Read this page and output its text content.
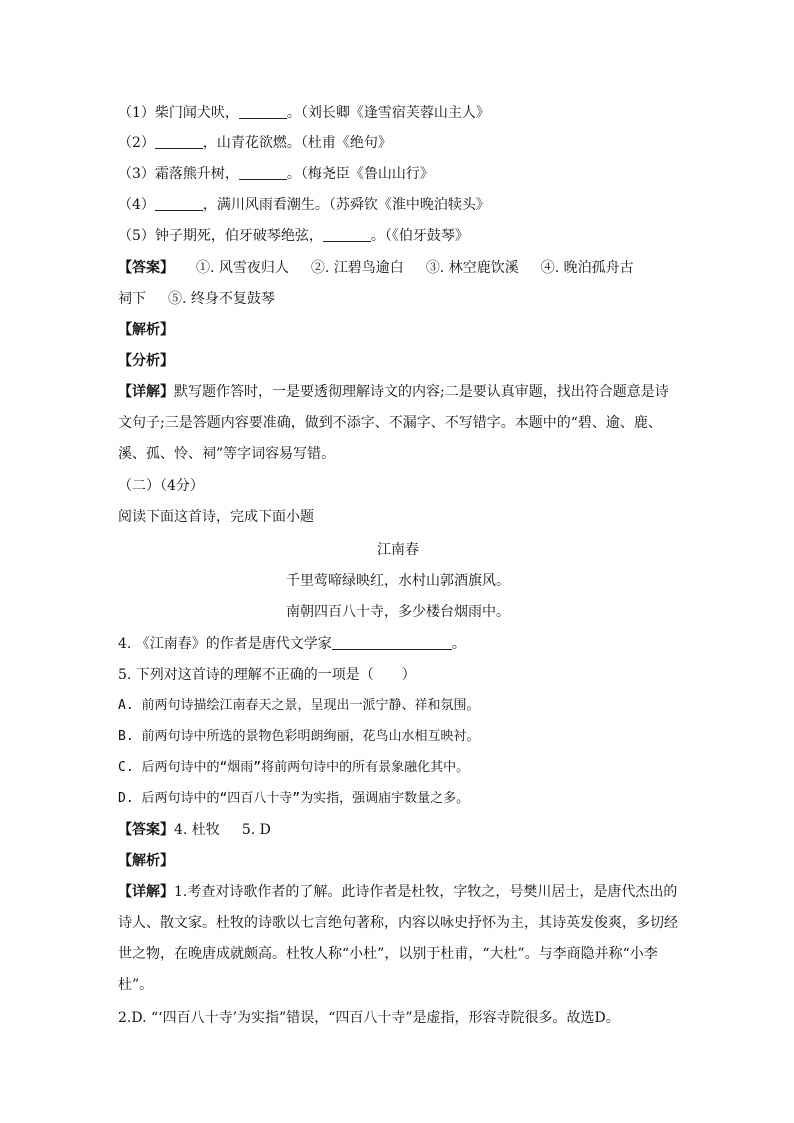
（1）柴门闻犬吠，	。（刘长卿《逢雪宿芙蓉山主人》
（2）	，山青花欲燃。（杜甫《绝句》
（3）霜落熊升树，	。（梅尧臣《鲁山山行》
（4）	，满川风雨看潮生。（苏舜钦《淮中晚泊犊头》
（5）钟子期死，伯牙破琴绝弦，	。（《伯牙鼓琴》
【答案】 ①. 风雪夜归人 ②. 江碧鸟逾白 ③. 林空鹿饮溪 ④. 晚泊孤舟古
祠下 ⑤. 终身不复鼓琴
【解析】
【分析】
【详解】默写题作答时，一是要透彻理解诗文的内容;二是要认真审题，找出符合题意是诗
文句子;三是答题内容要准确，做到不添字、不漏字、不写错字。本题中的“碧、逾、鹿、
溪、孤、怜、祠”等字词容易写错。
（二）（4分）
阅读下面这首诗，完成下面小题
江南春
千里莺啼绿映红，水村山郭酒旗风。
南朝四百八十寺，多少楼台烟雨中。
4. 《江南春》的作者是唐代文学家	。
5. 下列对这首诗的理解不正确的一项是（　　）
A. 前两句诗描绘江南春天之景，呈现出一派宁静、祥和氛围。
B. 前两句诗中所选的景物色彩明朗绚丽，花鸟山水相互映衬。
C. 后两句诗中的“烟雨”将前两句诗中的所有景象融化其中。
D. 后两句诗中的“四百八十寺”为实指，强调庙宇数量之多。
【答案】4. 杜牧 5. D
【解析】
【详解】1.考查对诗歌作者的了解。此诗作者是杜牧，字牧之，号樊川居士，是唐代杰出的
诗人、散文家。杜牧的诗歌以七言绝句著称，内容以咏史抒怀为主，其诗英发俊爽，多切经
世之物，在晚唐成就颇高。杜牧人称“小杜”，以别于杜甫，“大杜”。与李商隐并称“小李
杜”。
2.D. “‘四百八十寺’为实指”错误，“四百八十寺”是虚指，形容寺院很多。故选D。
